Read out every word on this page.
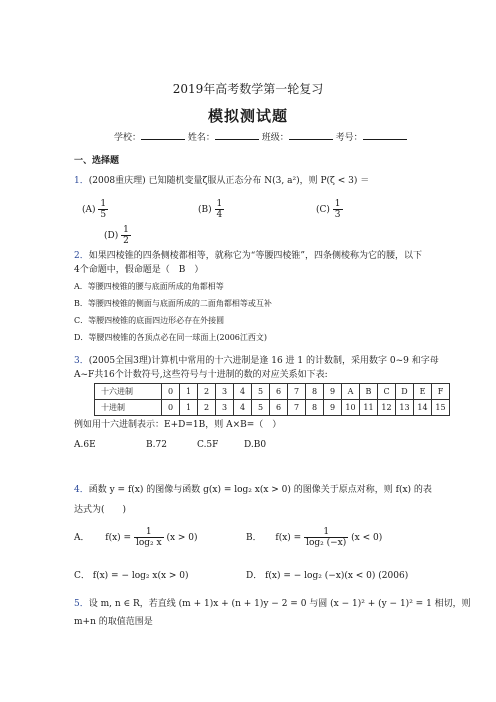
2019年高考数学第一轮复习
模拟测试题
学校：	姓名：	班级：	考号：
一、选择题
1．(2008重庆理) 已知随机变量ζ服从正态分布 N(3, a²)，则 P(ζ < 3) ＝
$(A) \frac{1}{5}$	$(B) \frac{1}{4}$	$(C) \frac{1}{3}$
$(D) \frac{1}{2}$
2．如果四棱锥的四条侧棱都相等，就称它为“等腰四棱锥”，四条侧棱称为它的腰，以下
4个命题中，假命题是（　B　）
A．等腰四棱锥的腰与底面所成的角都相等
B．等腰四棱锥的侧面与底面所成的二面角都相等或互补
C．等腰四棱锥的底面四边形必存在外接圆
D．等腰四棱锥的各顶点必在同一球面上(2006江西文)
3．(2005全国3理)计算机中常用的十六进制是逢 16 进 1 的计数制，采用数字 0~9 和字母
A~F共16个计数符号,这些符号与十进制的数的对应关系如下表:
十六进制	0	1	2	3	4	5	6	7	8	9	A	B	C	D	E	F
十进制	0	1	2	3	4	5	6	7	8	9	10	11	12	13	14	15
例如用十六进制表示：E+D=1B，则 A×B=（　）
A.6E	B.72	C.5F	D.B0
4．函数 y = f(x) 的图像与函数 g(x) = log₂ x(x > 0) 的图像关于原点对称，则 f(x) 的表
达式为(　　)
A． $f(x) = \frac{1}{\text{log₂ x}} (x > 0)$	B． $f(x) = \frac{1}{\text{log₂ (−x)}} (x < 0)$
C． f(x) = − log₂ x(x > 0)	D． f(x) = − log₂ (−x)(x < 0) (2006)
5．设 m, n ∈ R，若直线 (m + 1)x + (n + 1)y − 2 = 0 与圆 (x − 1)² + (y − 1)² = 1 相切，则
m+n 的取值范围是
